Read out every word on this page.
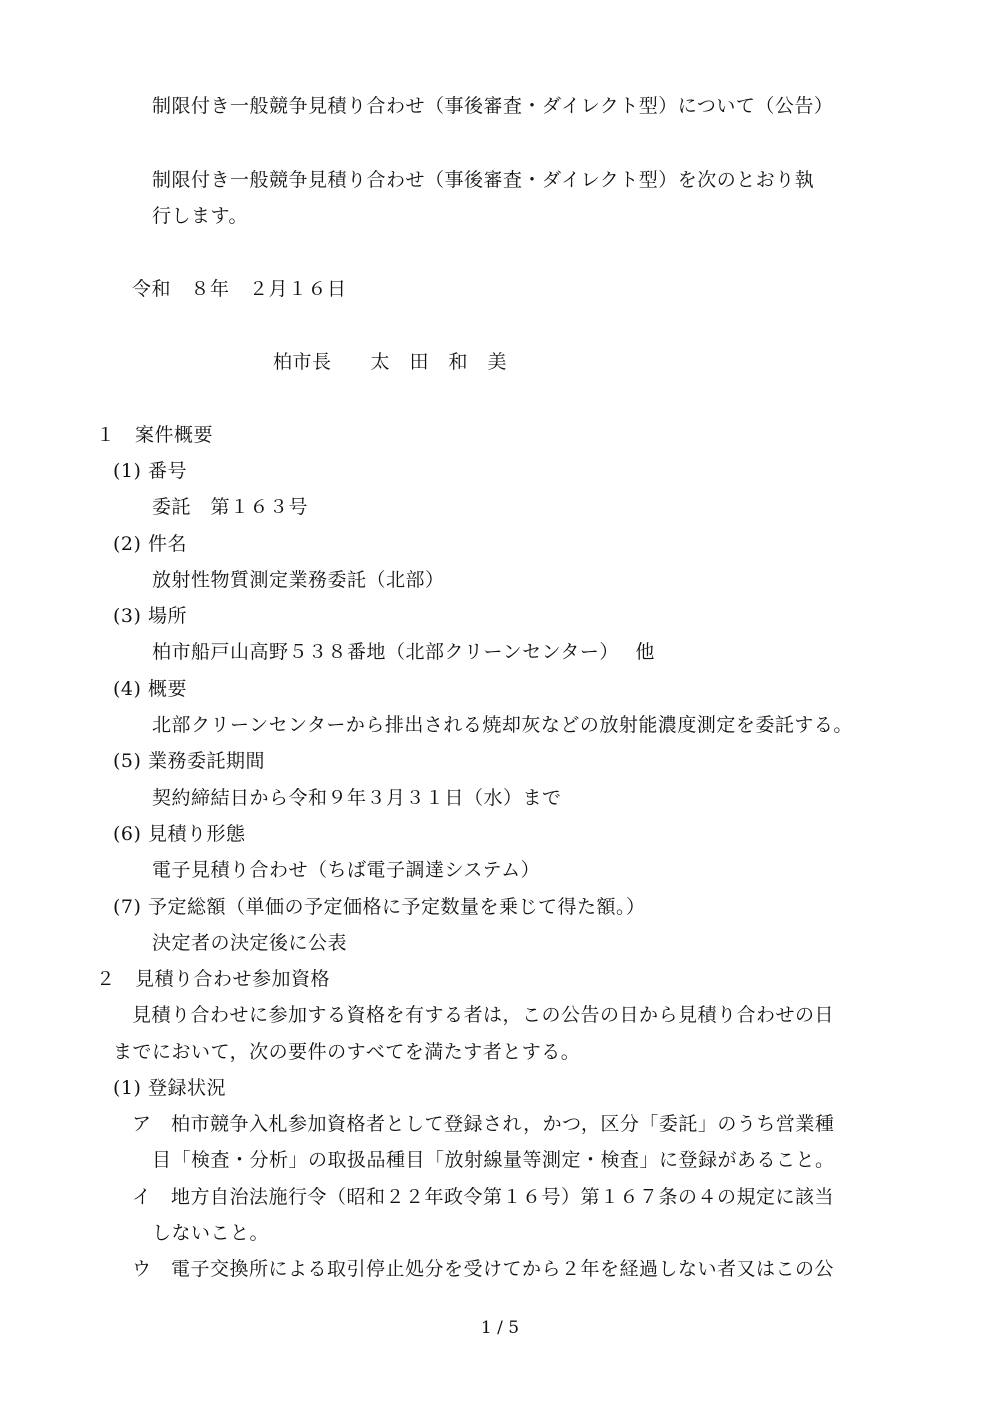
制限付き一般競争見積り合わせ（事後審査・ダイレクト型）について（公告）
制限付き一般競争見積り合わせ（事後審査・ダイレクト型）を次のとおり執
行します。
令和　８年　２月１６日
柏市長　　太　田　和　美
１　案件概要
(1) 番号
委託　第１６３号
(2) 件名
放射性物質測定業務委託（北部）
(3) 場所
柏市船戸山高野５３８番地（北部クリーンセンター）　 他
(4) 概要
北部クリーンセンターから排出される焼却灰などの放射能濃度測定を委託する。
(5) 業務委託期間
契約締結日から令和９年３月３１日（水）まで
(6) 見積り形態
電子見積り合わせ（ちば電子調達システム）
(7) 予定総額（単価の予定価格に予定数量を乗じて得た額。）
決定者の決定後に公表
２　見積り合わせ参加資格
見積り合わせに参加する資格を有する者は，この公告の日から見積り合わせの日
までにおいて，次の要件のすべてを満たす者とする。
(1) 登録状況
ア　柏市競争入札参加資格者として登録され，かつ，区分「委託」のうち営業種
目「検査・分析」の取扱品種目「放射線量等測定・検査」に登録があること。
イ　地方自治法施行令（昭和２２年政令第１６号）第１６７条の４の規定に該当
しないこと。
ウ　電子交換所による取引停止処分を受けてから２年を経過しない者又はこの公
1 / 5
